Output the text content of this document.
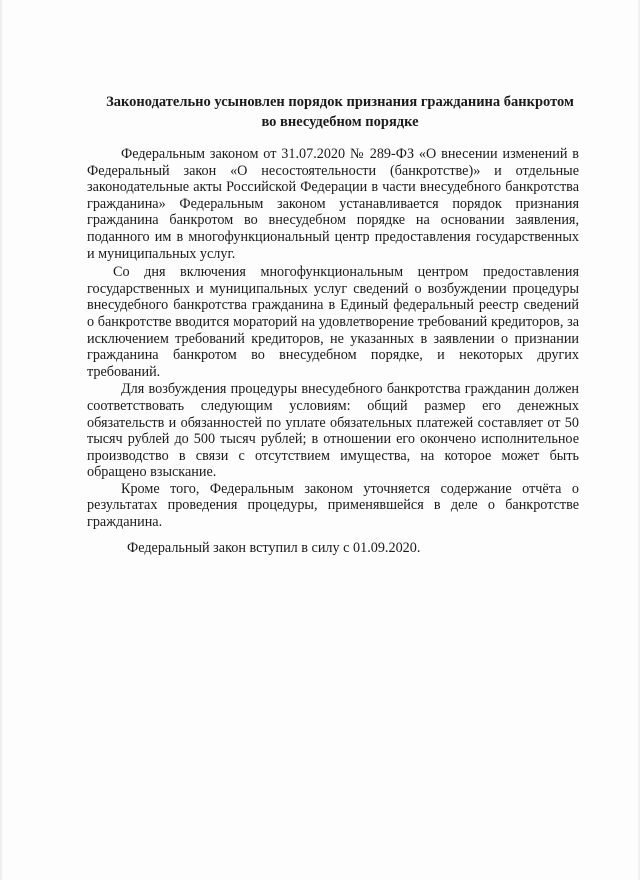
Законодательно усыновлен порядок признания гражданина банкротом
во внесудебном порядке

Федеральным законом от 31.07.2020 № 289-ФЗ «О внесении изменений в Федеральный закон «О несостоятельности (банкротстве)» и отдельные законодательные акты Российской Федерации в части внесудебного банкротства гражданина» Федеральным законом устанавливается порядок признания гражданина банкротом во внесудебном порядке на основании заявления, поданного им в многофункциональный центр предоставления государственных и муниципальных услуг.

Со дня включения многофункциональным центром предоставления государственных и муниципальных услуг сведений о возбуждении процедуры внесудебного банкротства гражданина в Единый федеральный реестр сведений о банкротстве вводится мораторий на удовлетворение требований кредиторов, за исключением требований кредиторов, не указанных в заявлении о признании гражданина банкротом во внесудебном порядке, и некоторых других требований.

Для возбуждения процедуры внесудебного банкротства гражданин должен соответствовать следующим условиям: общий размер его денежных обязательств и обязанностей по уплате обязательных платежей составляет от 50 тысяч рублей до 500 тысяч рублей; в отношении его окончено исполнительное производство в связи с отсутствием имущества, на которое может быть обращено взыскание.

Кроме того, Федеральным законом уточняется содержание отчёта о результатах проведения процедуры, применявшейся в деле о банкротстве гражданина.

Федеральный закон вступил в силу с 01.09.2020.
